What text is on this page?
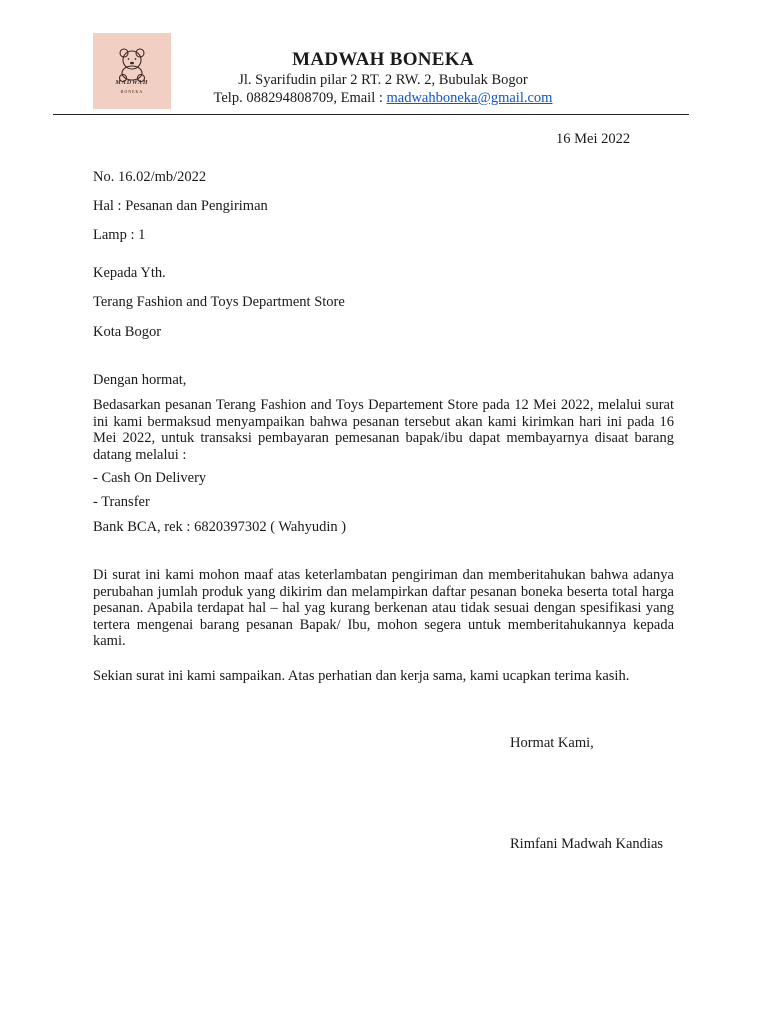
MADWAH
BONEKA
MADWAH BONEKA
Jl. Syarifudin pilar 2 RT. 2 RW. 2, Bubulak Bogor
Telp. 088294808709, Email : madwahboneka@gmail.com
16 Mei 2022
No. 16.02/mb/2022
Hal : Pesanan dan Pengiriman
Lamp : 1
Kepada Yth.
Terang Fashion and Toys Department Store
Kota Bogor
Dengan hormat,
Bedasarkan pesanan Terang Fashion and Toys Departement Store pada 12 Mei 2022, melalui surat ini kami bermaksud menyampaikan bahwa pesanan tersebut akan kami kirimkan hari ini pada 16 Mei 2022, untuk transaksi pembayaran pemesanan bapak/ibu dapat membayarnya disaat barang datang melalui :
- Cash On Delivery
- Transfer
Bank BCA, rek : 6820397302 ( Wahyudin )
Di surat ini kami mohon maaf atas keterlambatan pengiriman dan memberitahukan bahwa adanya perubahan jumlah produk yang dikirim dan melampirkan daftar pesanan boneka beserta total harga pesanan. Apabila terdapat hal – hal yag kurang berkenan atau tidak sesuai dengan spesifikasi yang tertera mengenai barang pesanan Bapak/ Ibu, mohon segera untuk memberitahukannya kepada kami.
Sekian surat ini kami sampaikan. Atas perhatian dan kerja sama, kami ucapkan terima kasih.
Hormat Kami,
Rimfani Madwah Kandias
